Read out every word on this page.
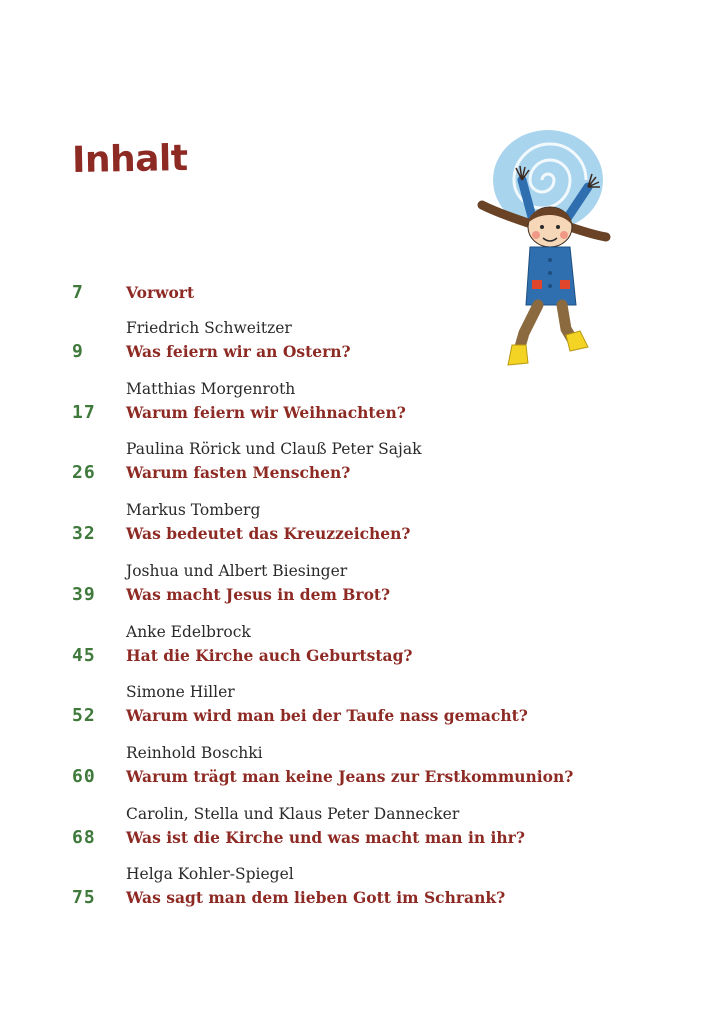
Inhalt
7	Vorwort
Friedrich Schweitzer
9	Was feiern wir an Ostern?
Matthias Morgenroth
17 Warum feiern wir Weihnachten?
Paulina Rörick und Clauß Peter Sajak
26 Warum fasten Menschen?
Markus Tomberg
32 Was bedeutet das Kreuzzeichen?
Joshua und Albert Biesinger
39 Was macht Jesus in dem Brot?
Anke Edelbrock
45 Hat die Kirche auch Geburtstag?
Simone Hiller
52 Warum wird man bei der Taufe nass gemacht?
Reinhold Boschki
60 Warum trägt man keine Jeans zur Erstkommunion?
Carolin, Stella und Klaus Peter Dannecker
68 Was ist die Kirche und was macht man in ihr?
Helga Kohler-Spiegel
75 Was sagt man dem lieben Gott im Schrank?
